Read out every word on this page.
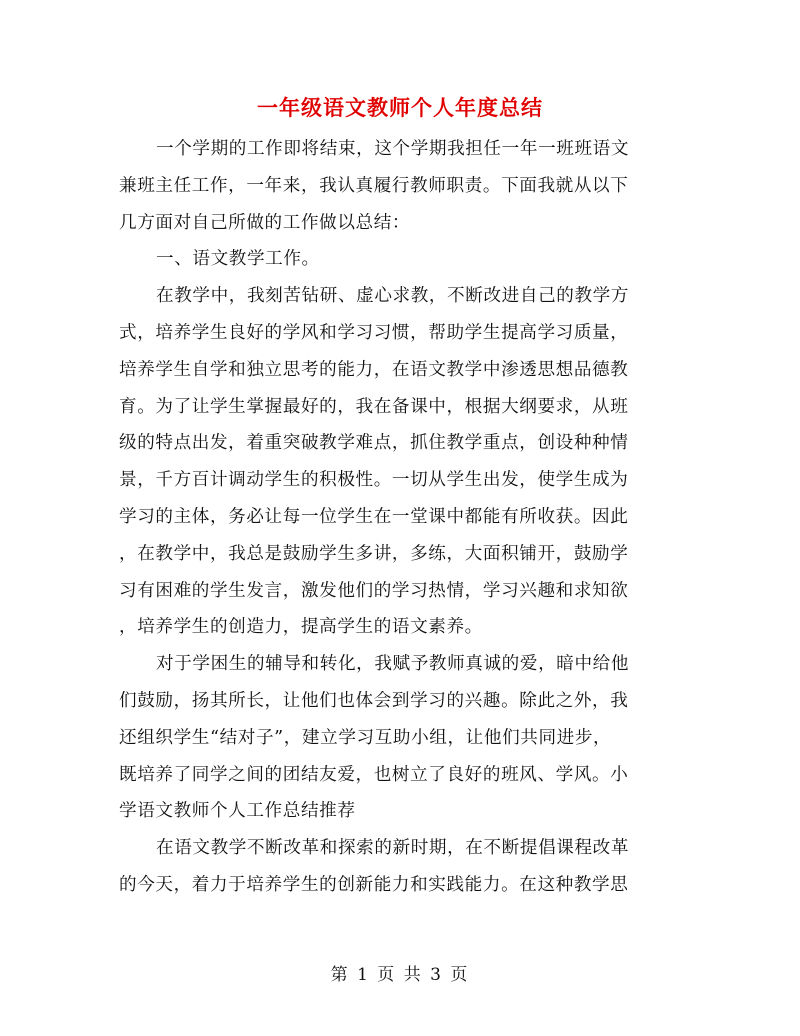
一年级语文教师个人年度总结
一个学期的工作即将结束，这个学期我担任一年一班班语文
兼班主任工作，一年来，我认真履行教师职责。下面我就从以下
几方面对自己所做的工作做以总结：
一、语文教学工作。
在教学中，我刻苦钻研、虚心求教，不断改进自己的教学方
式，培养学生良好的学风和学习习惯，帮助学生提高学习质量，
培养学生自学和独立思考的能力，在语文教学中渗透思想品德教
育。为了让学生掌握最好的，我在备课中，根据大纲要求，从班
级的特点出发，着重突破教学难点，抓住教学重点，创设种种情
景，千方百计调动学生的积极性。一切从学生出发，使学生成为
学习的主体，务必让每一位学生在一堂课中都能有所收获。因此
，在教学中，我总是鼓励学生多讲，多练，大面积铺开，鼓励学
习有困难的学生发言，激发他们的学习热情，学习兴趣和求知欲
，培养学生的创造力，提高学生的语文素养。
对于学困生的辅导和转化，我赋予教师真诚的爱，暗中给他
们鼓励，扬其所长，让他们也体会到学习的兴趣。除此之外，我
还组织学生“结对子”，建立学习互助小组，让他们共同进步，
既培养了同学之间的团结友爱，也树立了良好的班风、学风。小
学语文教师个人工作总结推荐
在语文教学不断改革和探索的新时期，在不断提倡课程改革
的今天，着力于培养学生的创新能力和实践能力。在这种教学思
第 1 页 共 3 页
